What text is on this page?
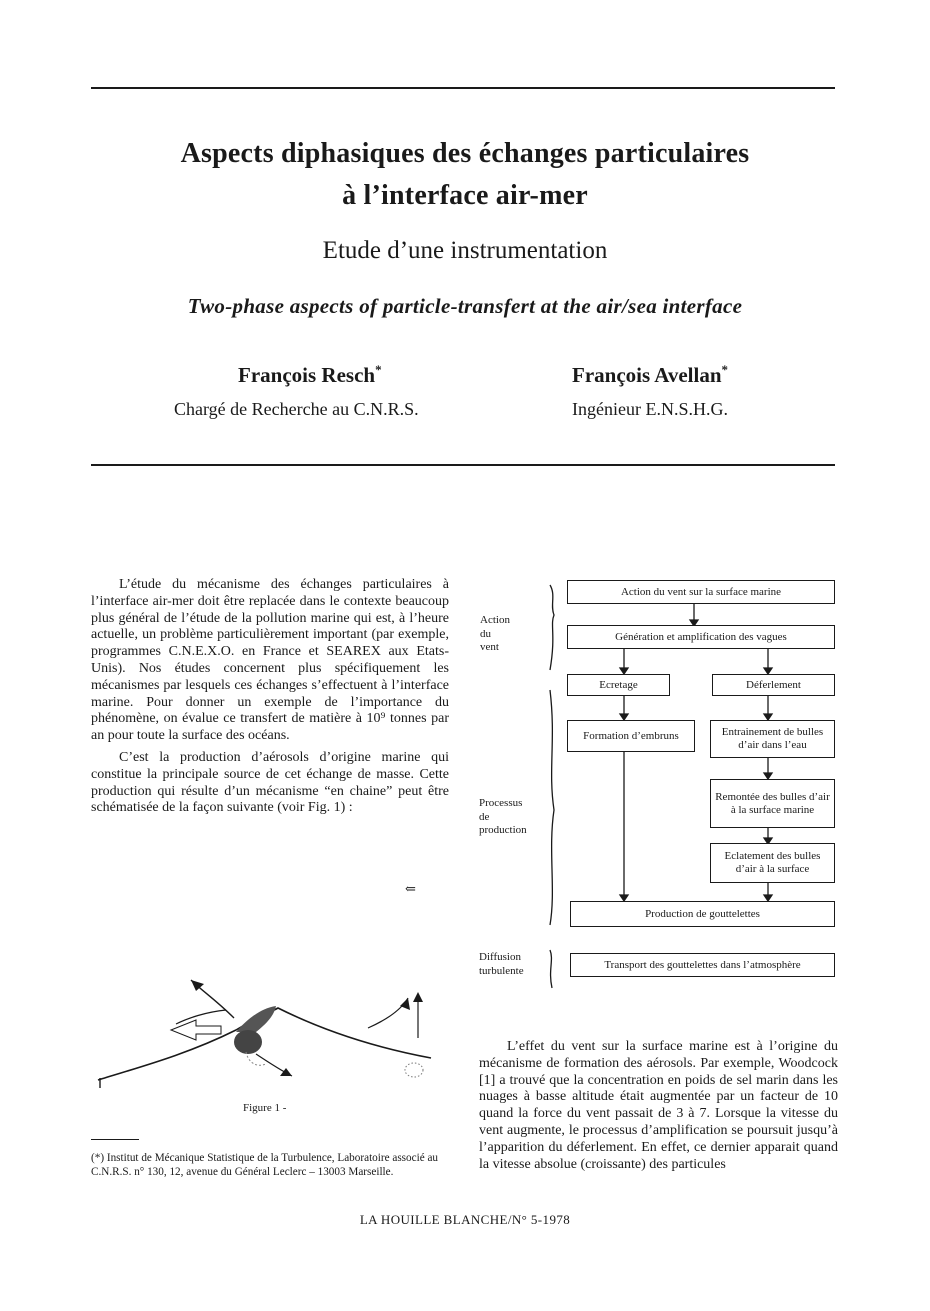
Aspects diphasiques des échanges particulaires
à l’interface air-mer
Etude d’une instrumentation
Two-phase aspects of particle-transfert at the air/sea interface
François Resch*
Chargé de Recherche au C.N.R.S.
François Avellan*
Ingénieur E.N.S.H.G.

L’étude du mécanisme des échanges particulaires à l’interface air-mer doit être replacée dans le contexte beaucoup plus général de l’étude de la pollution marine qui est, à l’heure actuelle, un problème particulièrement important (par exemple, programmes C.N.E.X.O. en France et SEAREX aux Etats-Unis). Nos études concernent plus spécifiquement les mécanismes par lesquels ces échanges s’effectuent à l’interface marine. Pour donner un exemple de l’importance du phénomène, on évalue ce transfert de matière à 10⁹ tonnes par an pour toute la surface des océans.

C’est la production d’aérosols d’origine marine qui constitue la principale source de cet échange de masse. Cette production qui résulte d’un mécanisme “en chaine” peut être schématisée de la façon suivante (voir Fig. 1) :

⇐
Figure 1 -
(*) Institut de Mécanique Statistique de la Turbulence, Laboratoire associé au C.N.R.S. n° 130, 12, avenue du Général Leclerc – 13003 Marseille.
Action
du
vent
Processus
de
production
Diffusion
turbulente
Action du vent sur la surface marine
Génération et amplification des vagues
Ecretage	Déferlement
Formation d’embruns	Entrainement de bulles d’air dans l’eau
Remontée des bulles d’air à la surface marine
Eclatement des bulles d’air à la surface
Production de gouttelettes
Transport des gouttelettes dans l’atmosphère

L’effet du vent sur la surface marine est à l’origine du mécanisme de formation des aérosols. Par exemple, Woodcock [1] a trouvé que la concentration en poids de sel marin dans les nuages à basse altitude était augmentée par un facteur de 10 quand la force du vent passait de 3 à 7. Lorsque la vitesse du vent augmente, le processus d’amplification se poursuit jusqu’à l’apparition du déferlement. En effet, ce dernier apparait quand la vitesse absolue (croissante) des particules

LA HOUILLE BLANCHE/N° 5-1978
